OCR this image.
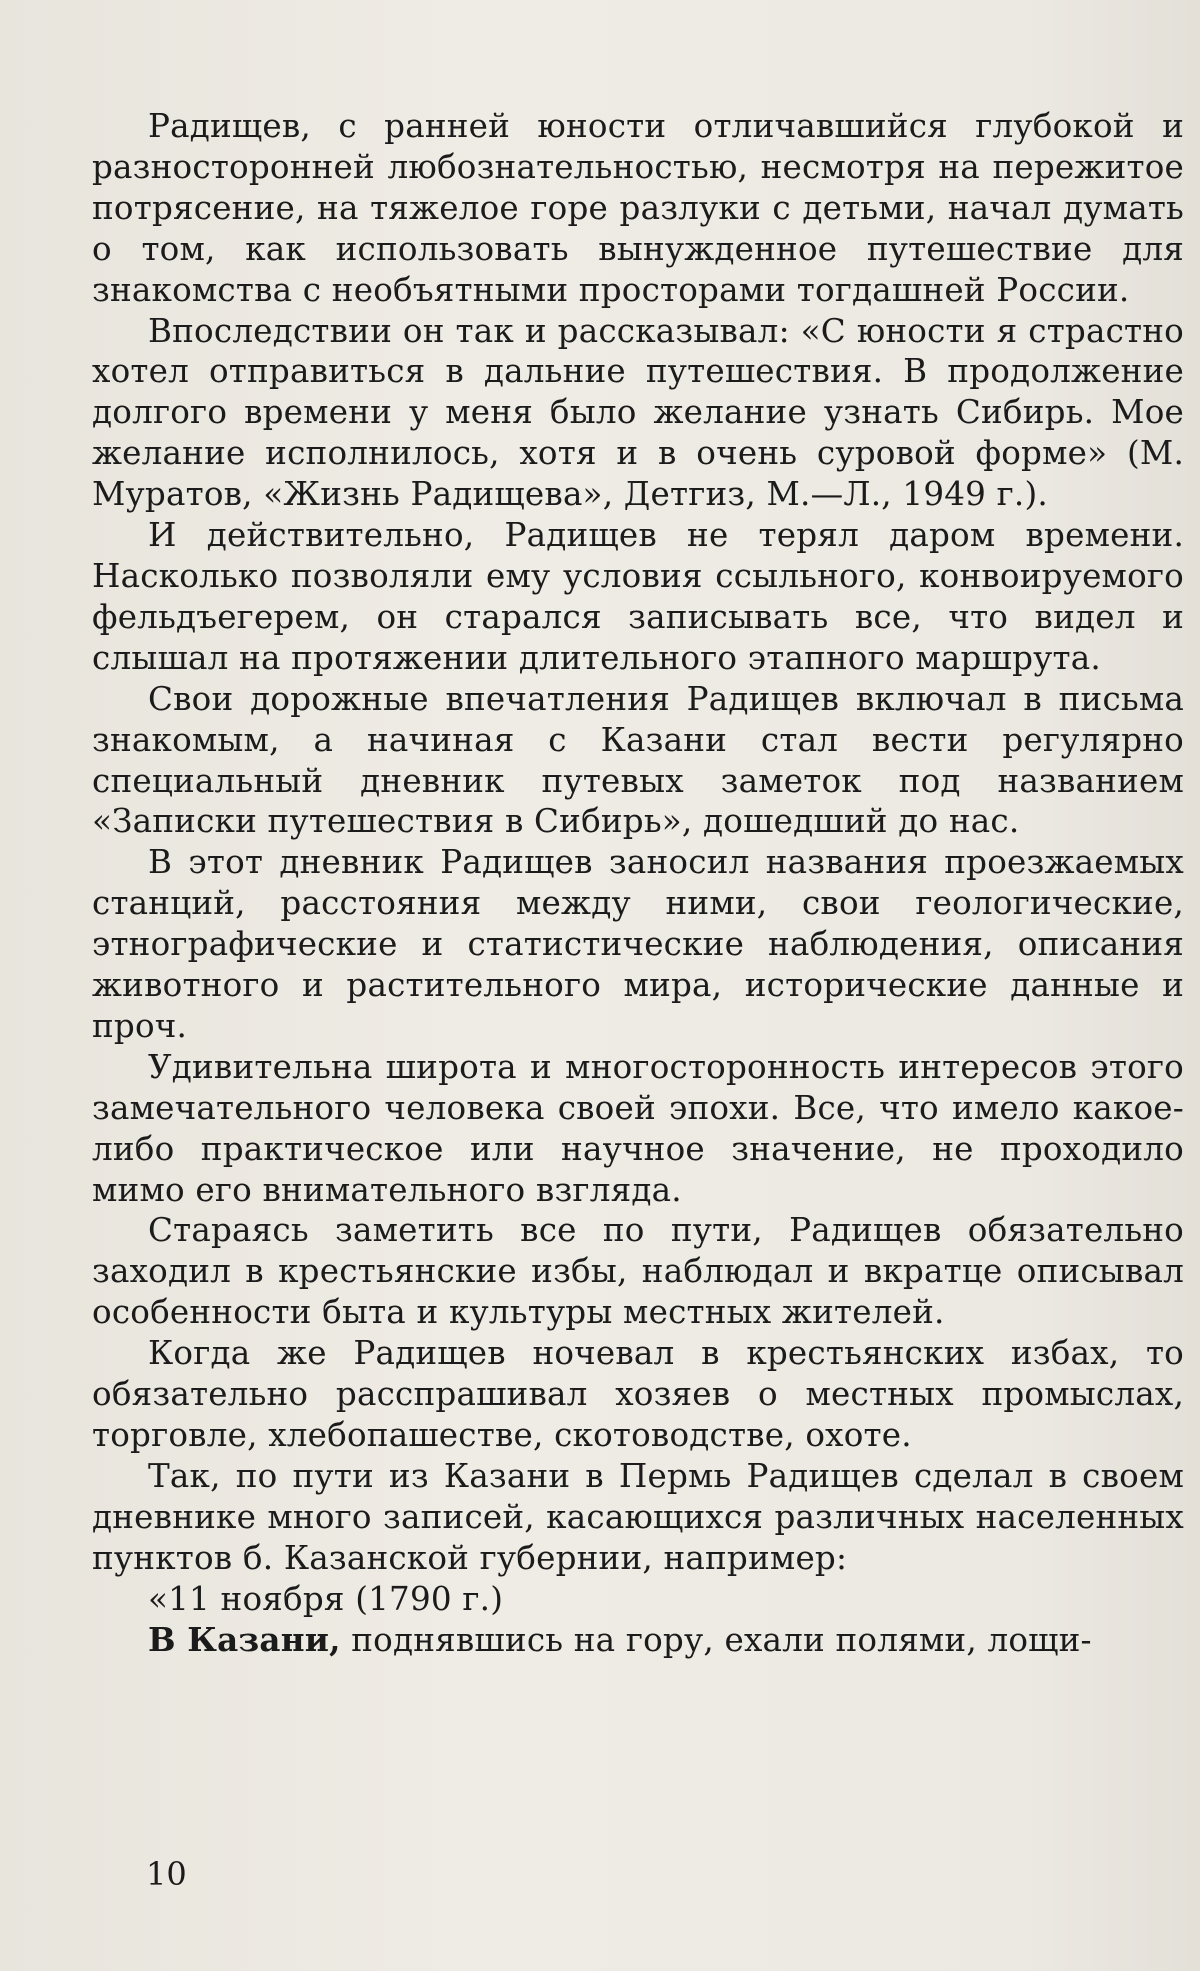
Радищев, с ранней юности отличавшийся глубокой и разносторонней любознательностью, несмотря на пережитое потрясение, на тяжелое горе разлуки с детьми, начал думать о том, как использовать вынужденное путешествие для знакомства с необъятными просторами тогдашней России.

Впоследствии он так и рассказывал: «С юности я страстно хотел отправиться в дальние путешествия. В продолжение долгого времени у меня было желание узнать Сибирь. Мое желание исполнилось, хотя и в очень суровой форме» (М. Муратов, «Жизнь Радищева», Детгиз, М.—Л., 1949 г.).

И действительно, Радищев не терял даром времени. Насколько позволяли ему условия ссыльного, конвоируемого фельдъегерем, он старался записывать все, что видел и слышал на протяжении длительного этапного маршрута.

Свои дорожные впечатления Радищев включал в письма знакомым, а начиная с Казани стал вести регулярно специальный дневник путевых заметок под названием «Записки путешествия в Сибирь», дошедший до нас.

В этот дневник Радищев заносил названия проезжаемых станций, расстояния между ними, свои геологические, этнографические и статистические наблюдения, описания животного и растительного мира, исторические данные и проч.

Удивительна широта и многосторонность интересов этого замечательного человека своей эпохи. Все, что имело какое-либо практическое или научное значение, не проходило мимо его внимательного взгляда.

Стараясь заметить все по пути, Радищев обязательно заходил в крестьянские избы, наблюдал и вкратце описывал особенности быта и культуры местных жителей.

Когда же Радищев ночевал в крестьянских избах, то обязательно расспрашивал хозяев о местных промыслах, торговле, хлебопашестве, скотоводстве, охоте.

Так, по пути из Казани в Пермь Радищев сделал в своем дневнике много записей, касающихся различных населенных пунктов б. Казанской губернии, например:

«11 ноября (1790 г.)

В Казани, поднявшись на гору, ехали полями, лощи-

10
